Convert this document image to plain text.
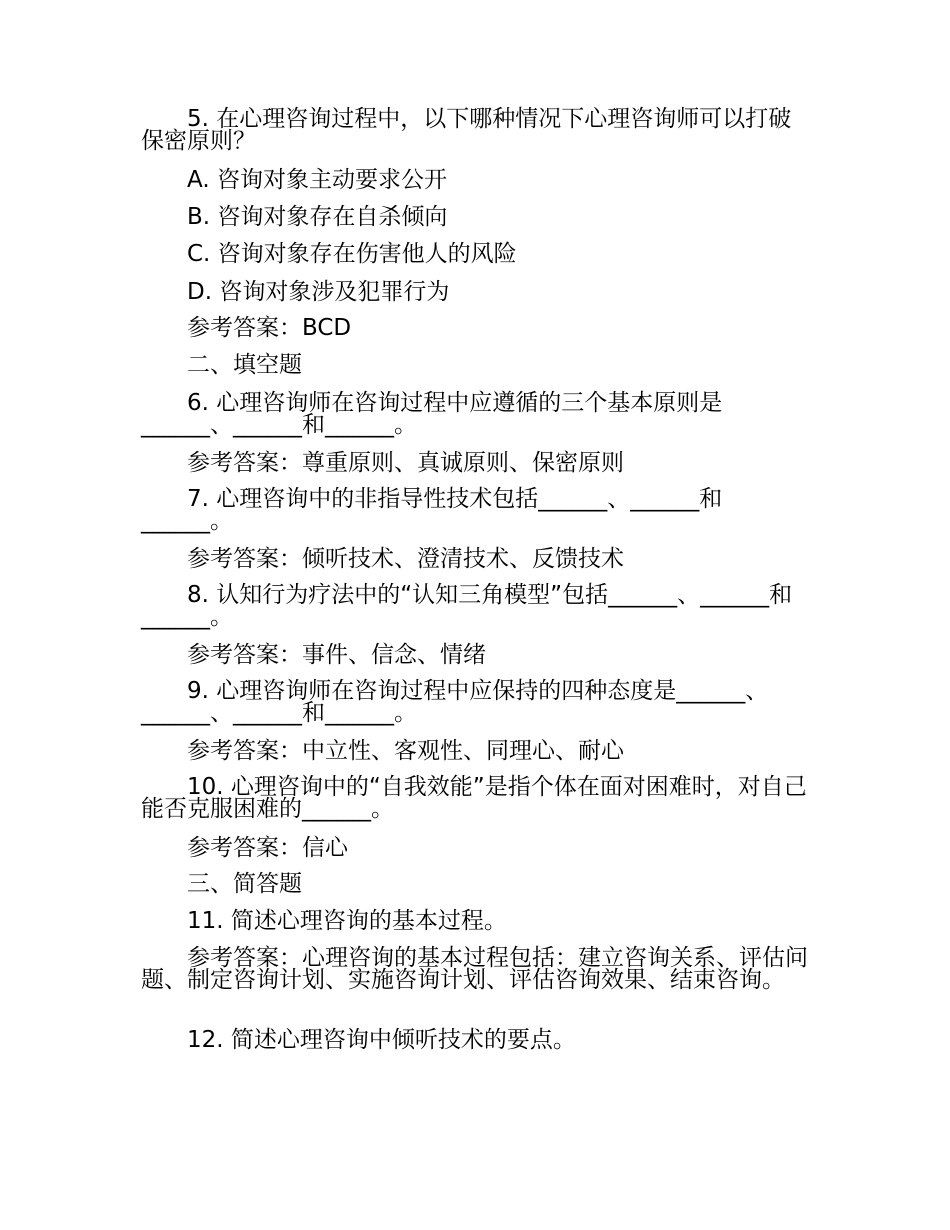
5. 在心理咨询过程中，以下哪种情况下心理咨询师可以打破保密原则？
A. 咨询对象主动要求公开
B. 咨询对象存在自杀倾向
C. 咨询对象存在伤害他人的风险
D. 咨询对象涉及犯罪行为
参考答案：BCD
二、填空题
6. 心理咨询师在咨询过程中应遵循的三个基本原则是______、______和______。
参考答案：尊重原则、真诚原则、保密原则
7. 心理咨询中的非指导性技术包括______、______和______。
参考答案：倾听技术、澄清技术、反馈技术
8. 认知行为疗法中的“认知三角模型”包括______、______和______。
参考答案：事件、信念、情绪
9. 心理咨询师在咨询过程中应保持的四种态度是______、______、______和______。
参考答案：中立性、客观性、同理心、耐心
10. 心理咨询中的“自我效能”是指个体在面对困难时，对自己能否克服困难的______。
参考答案：信心
三、简答题
11. 简述心理咨询的基本过程。
参考答案：心理咨询的基本过程包括：建立咨询关系、评估问题、制定咨询计划、实施咨询计划、评估咨询效果、结束咨询。
12. 简述心理咨询中倾听技术的要点。
